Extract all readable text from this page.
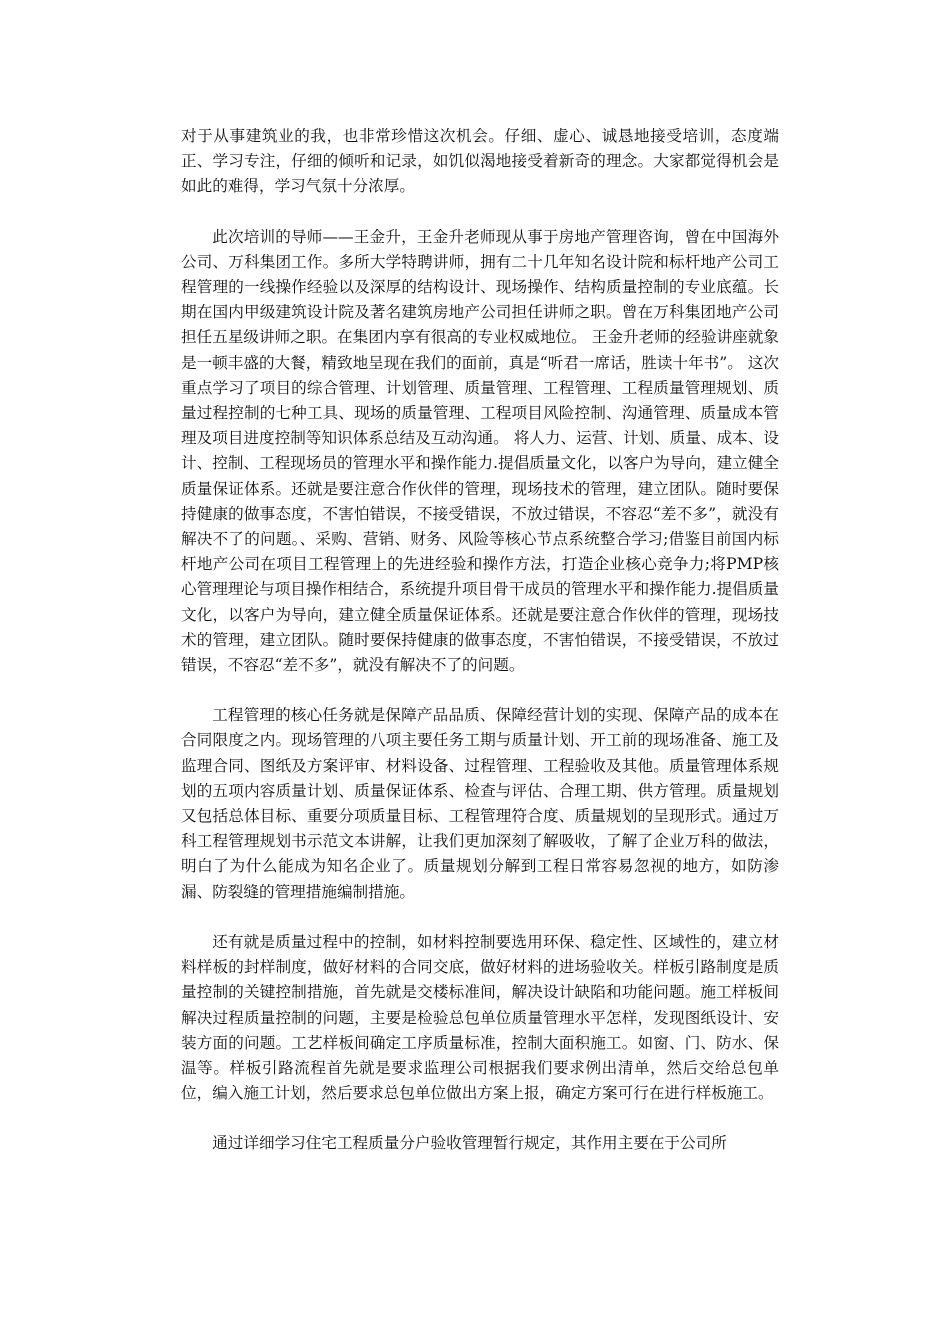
对于从事建筑业的我，也非常珍惜这次机会。仔细、虚心、诚恳地接受培训，态度端正、学习专注，仔细的倾听和记录，如饥似渴地接受着新奇的理念。大家都觉得机会是如此的难得，学习气氛十分浓厚。

此次培训的导师——王金升，王金升老师现从事于房地产管理咨询，曾在中国海外公司、万科集团工作。多所大学特聘讲师，拥有二十几年知名设计院和标杆地产公司工程管理的一线操作经验以及深厚的结构设计、现场操作、结构质量控制的专业底蕴。长期在国内甲级建筑设计院及著名建筑房地产公司担任讲师之职。曾在万科集团地产公司担任五星级讲师之职。在集团内享有很高的专业权威地位。 王金升老师的经验讲座就象是一顿丰盛的大餐，精致地呈现在我们的面前，真是“听君一席话，胜读十年书”。 这次重点学习了项目的综合管理、计划管理、质量管理、工程管理、工程质量管理规划、质量过程控制的七种工具、现场的质量管理、工程项目风险控制、沟通管理、质量成本管理及项目进度控制等知识体系总结及互动沟通。 将人力、运营、计划、质量、成本、设计、控制、工程现场员的管理水平和操作能力.提倡质量文化，以客户为导向，建立健全质量保证体系。还就是要注意合作伙伴的管理，现场技术的管理，建立团队。随时要保持健康的做事态度，不害怕错误，不接受错误，不放过错误，不容忍“差不多”，就没有解决不了的问题。、采购、营销、财务、风险等核心节点系统整合学习;借鉴目前国内标杆地产公司在项目工程管理上的先进经验和操作方法，打造企业核心竞争力;将PMP核心管理理论与项目操作相结合，系统提升项目骨干成员的管理水平和操作能力.提倡质量文化，以客户为导向，建立健全质量保证体系。还就是要注意合作伙伴的管理，现场技术的管理，建立团队。随时要保持健康的做事态度，不害怕错误，不接受错误，不放过错误，不容忍“差不多”，就没有解决不了的问题。

工程管理的核心任务就是保障产品品质、保障经营计划的实现、保障产品的成本在合同限度之内。现场管理的八项主要任务工期与质量计划、开工前的现场准备、施工及监理合同、图纸及方案评审、材料设备、过程管理、工程验收及其他。质量管理体系规划的五项内容质量计划、质量保证体系、检查与评估、合理工期、供方管理。质量规划又包括总体目标、重要分项质量目标、工程管理符合度、质量规划的呈现形式。通过万科工程管理规划书示范文本讲解，让我们更加深刻了解吸收，了解了企业万科的做法，明白了为什么能成为知名企业了。质量规划分解到工程日常容易忽视的地方，如防渗漏、防裂缝的管理措施编制措施。

还有就是质量过程中的控制，如材料控制要选用环保、稳定性、区域性的，建立材料样板的封样制度，做好材料的合同交底，做好材料的进场验收关。样板引路制度是质量控制的关键控制措施，首先就是交楼标准间，解决设计缺陷和功能问题。施工样板间解决过程质量控制的问题，主要是检验总包单位质量管理水平怎样，发现图纸设计、安装方面的问题。工艺样板间确定工序质量标准，控制大面积施工。如窗、门、防水、保温等。样板引路流程首先就是要求监理公司根据我们要求例出清单，然后交给总包单位，编入施工计划，然后要求总包单位做出方案上报，确定方案可行在进行样板施工。

通过详细学习住宅工程质量分户验收管理暂行规定，其作用主要在于公司所
